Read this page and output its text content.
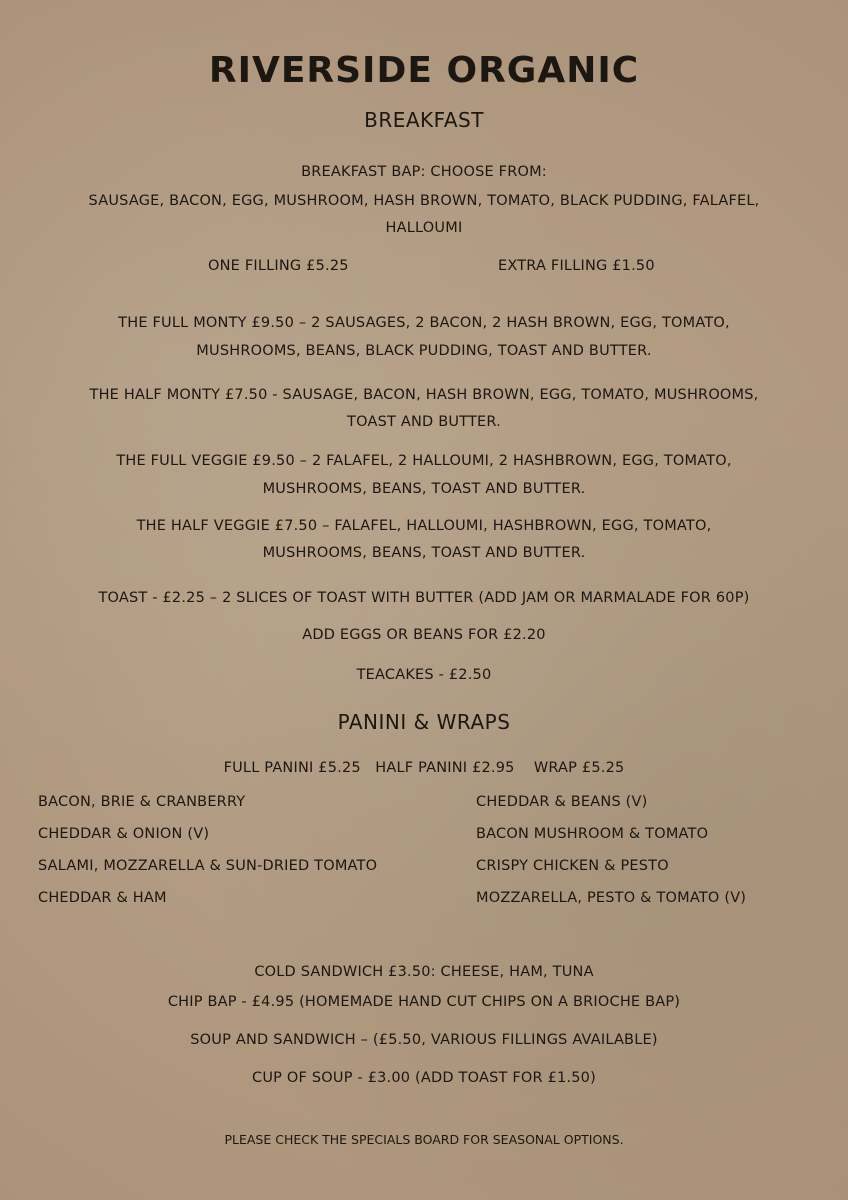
RIVERSIDE ORGANIC
BREAKFAST
BREAKFAST BAP: CHOOSE FROM:
SAUSAGE, BACON, EGG, MUSHROOM, HASH BROWN, TOMATO, BLACK PUDDING, FALAFEL,
HALLOUMI
ONE FILLING £5.25	EXTRA FILLING £1.50
THE FULL MONTY £9.50 – 2 SAUSAGES, 2 BACON, 2 HASH BROWN, EGG, TOMATO,
MUSHROOMS, BEANS, BLACK PUDDING, TOAST AND BUTTER.
THE HALF MONTY £7.50 - SAUSAGE, BACON, HASH BROWN, EGG, TOMATO, MUSHROOMS,
TOAST AND BUTTER.
THE FULL VEGGIE £9.50 – 2 FALAFEL, 2 HALLOUMI, 2 HASHBROWN, EGG, TOMATO,
MUSHROOMS, BEANS, TOAST AND BUTTER.
THE HALF VEGGIE £7.50 – FALAFEL, HALLOUMI, HASHBROWN, EGG, TOMATO,
MUSHROOMS, BEANS, TOAST AND BUTTER.
TOAST - £2.25 – 2 SLICES OF TOAST WITH BUTTER (ADD JAM OR MARMALADE FOR 60P)
ADD EGGS OR BEANS FOR £2.20
TEACAKES - £2.50
PANINI & WRAPS
FULL PANINI £5.25   HALF PANINI £2.95    WRAP £5.25
BACON, BRIE & CRANBERRY
CHEDDAR & ONION (V)
SALAMI, MOZZARELLA & SUN-DRIED TOMATO
CHEDDAR & HAM
CHEDDAR & BEANS (V)
BACON MUSHROOM & TOMATO
CRISPY CHICKEN & PESTO
MOZZARELLA, PESTO & TOMATO (V)
COLD SANDWICH £3.50: CHEESE, HAM, TUNA
CHIP BAP - £4.95 (HOMEMADE HAND CUT CHIPS ON A BRIOCHE BAP)
SOUP AND SANDWICH – (£5.50, VARIOUS FILLINGS AVAILABLE)
CUP OF SOUP - £3.00 (ADD TOAST FOR £1.50)
PLEASE CHECK THE SPECIALS BOARD FOR SEASONAL OPTIONS.
